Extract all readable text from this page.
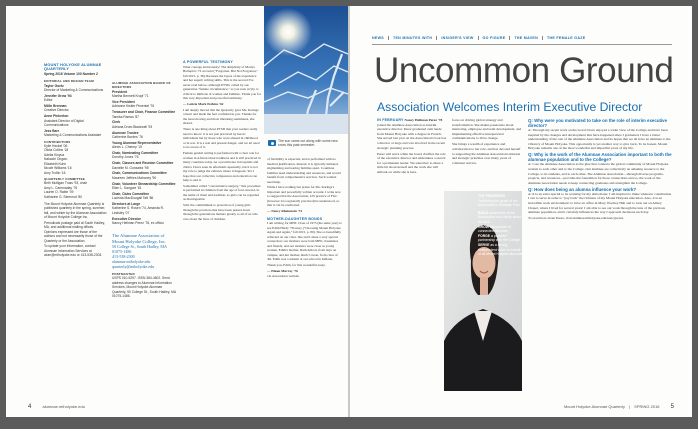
MOUNT HOLYOKE ALUMNAE QUARTERLY
Spring 2016 Volume 100 Number 2
EDITORIAL AND DESIGN TEAM
Taylor Goetz
Director of Marketing & Communications
Jennifer Grow '94
Editor
Millie Brennan
Creative Director
Anne Pinkerton
Assistant Director of Digital Communications
Jess Barr
Marketing & Communications Assistant
CONTRIBUTORS
Kylie Heckel '06
Olivia Collins '18
Adelia Kinyua
Nakachi Ongwu
Elizabeth Kuhn
Nicole Williams '16
Amy Trollin '16
QUARTERLY COMMITTEE
Beth Mulligan Truss '93, chair
Amy L. Cammaday '76
Lauren O. Rabin '09
Katharine G. Steenrod '80

The Mount Holyoke Alumnae Quarterly is published quarterly in the spring, summer, fall, and winter by the Alumnae Association of Mount Holyoke College Inc.

Periodicals postage paid at South Hadley, MA, and additional mailing offices. Opinions expressed are those of the authors and not necessarily those of the Quarterly or the Association.

To update your information, contact Alumnae Information Services at alum@mtholyoke.edu or 413-538-2303.

ALUMNAE ASSOCIATION BOARD OF DIRECTORS
President
Martha Bennett Kropf '71
Vice President
Adrianne Kistler Pimentel '76
Treasurer and Chair, Finance Committee
Tamika Ramos '87
Clerk
Adriana Drum Blackwell '93
Alumnae Trustee
Catherine Bordes '76
Young Alumnae Representative
Alexis L. Cheney '15
Chair, Nominating Committee
Dorothy Jones '76
Chair, Classes and Reunion Committee
Danielle M. Gonzalez '95
Chair, Communications Committee
Maureen Jeffries Mahoney '90
Chair, Volunteer Stewardship Committee
Ellen L. Sangore '81
Chair, Clubs Committee
Lucinda MacDougall Taft '86
Directors at Large
Katherine S. Rosen '74, Amanda R. Lindsley '07
Executive Director
Nancy Hellman Perez '78, ex officio
The Alumnae Association of Mount Holyoke College, Inc.
50 College St., South Hadley, MA 01075-1486
413-538-2300
alumnae.mtholyoke.edu
quarterly@mtholyoke.edu
POSTMASTER
USPS 010-5297. ISSN 384-4602. Send address changes to Alumnae Information Services, Mount Holyoke Alumnae Quarterly, 50 College St., South Hadley, MA 01075-1486.
A POWERFUL TESTIMONY

What courage and honesty! The simplicity of Marlys Barlapia's '72 account ("Forgotten, But Not Forgotten," fall 2015, p. 38) discusses the layers of the experience and her superb writing skills. This is the second I've never read before, although PTSD, called by our generation "female circumstance," as you note wryly, is critical to millions of women and families. Thank you for this very important and powerful testimony.

— Leticia Mark Perkins '62

I am deeply moved that the Quarterly gave Ms. Karings a heart and made me feel confident in you. Thanks for the most moving and most liberating sentiments, she shared.

There is one thing about PTSD that your readers really need to know: it is not just practiced by heroic individuals but by those who were abused in childhood or in war. It is a real and present danger, and we all need to be aware of it.

Female genital cutting is performed with a clear role for women in African ritual traditions and is still practiced in many countries today. As a practitioner in hospitals and clinics I have seen its aftermath repeatedly, but it is not my role to judge the cultures where it happens. Yet I hope that our collective compassion and education can help to end it.

Sometimes called "concentrative surgery," this procedure is performed in children from the age of four onward, in the name of ritual and tradition, so girls can be regarded as marriageable.

Still, the commitment to protection of young girls through the practices that have been passed down through the generations matters greatly to all of us who care about the lives of children.

The sun came out along with some new snow this past semester.

of flexibility is expected, and is performed with no medical justification. Instead, it is typically initiated, stigmatizing and tearing families apart. Countless families need understanding and resources, and would benefit from comprehensive services. Such women need help.

While I have nothing but praise for Ms. Karings's important and powerfully written account, I write now to suggest that the Association, UN practice of FGC (however it is regionally practiced) be understood, so that it can be eradicated.

— Nancy Rheinstein '74

MOTHER-DAUGHTER BONDS

I am writing for MHC Class of 1975 (the same year) to see Edith Hardy '78 essay ("Choosing Mount Holyoke Again and Again," fall 2015, p. 80). She so beautifully reflected on our class. She and I share a very special connection: our mothers were both MHC classmates and friends, and our mothers were close as young women. Edith's mother, Ruth Abbott, from days on campus, and her mother, Ruth Cowan, from class of '46. Edith was a student at our school in Indiana.

Thank you, Edith, for this wonderful essay.

— Eileen Murray '76

via Association website

4	alumnae.mtholyoke.edu
NEWS	TEN MINUTES WITH	INSIDER'S VIEW	GO FIGURE	THE MAVEN	THE FEMALE GAZE
Uncommon Ground
Association Welcomes Interim Executive Director

IN FEBRUARY Nancy Hellman Perez '78 joined the Alumnae Association as interim executive director. Perez graduated cum laude from Mount Holyoke with a degree in French. She served last year on the Association's board as a director at large and was involved in the recent strategic planning process.

Perez will serve while the board clarifies the role of the executive director and undertakes a search for a permanent leader. We asked her to share a little bit about herself and the work she will embark on while she is here.

focus on driving global strategy and transformation. She makes passionate about mentoring, employee and team development, and implementing effective interpersonal communications to drive change.

She brings a wealth of experience and collaboration to her role, and has devoted herself to supporting the Alumnae Association's mission and strategic priorities over many years of volunteer service.

TOP PRIORITIES
Furthering the goals of the Association's Strategic Plan
BUILD awareness of the Association and clarify about its work.
GROW the number of connected alumnae.
FORGE a powerful partnership with the College.
SERVE as a strong, independent voice on behalf of all Mount Holyoke alumnae.
Q: Why were you motivated to take on the role of interim executive director?

A: Through my recent work on the board I have enjoyed a wider view of the College and have been inspired by the changes and development that have happened since I graduated. I have a better understanding of the role of the Alumnae Association and its hopes that we all have an alumnae to the vibrancy of Mount Holyoke. This opportunity is yet another way to give back. To be honest, Mount Holyoke remains one of the most wonderful and impactful years of my life.

Q: Why is the work of the Alumnae Association important to both the alumnae population and to the College?

A: I see the Alumnae Association as the glue that connects the global community of Mount Holyoke women to each other and to the College. Our alumnae are collectively an amazing resource to the College, to its students, and to each other. The Alumnae Association—through diverse programs, projects, and resources—provides the foundation for those connections and so, the work of the Alumnae Association needs to keep connecting graduates and strengthen the College.

Q: How does being an alumna influence your work?

A: It is an extra special to be working for my alma mater. I am inspired to make whatever contribution I can to serve in order to "pay back" the richness of my Mount Holyoke education. Also, it is an incredible work environment: to have an office in Mary Woolley Hall and to look out on Abbey Chapel, where I lived for several years! I am able to see our work through the lens of the previous alumnae population, and it certainly influences the way I approach decisions each day.

To read more about Perez, visit alumnae.mtholyoke.edu/nancyperez.

Mount Holyoke Alumnae Quarterly | SPRING 2016 5
